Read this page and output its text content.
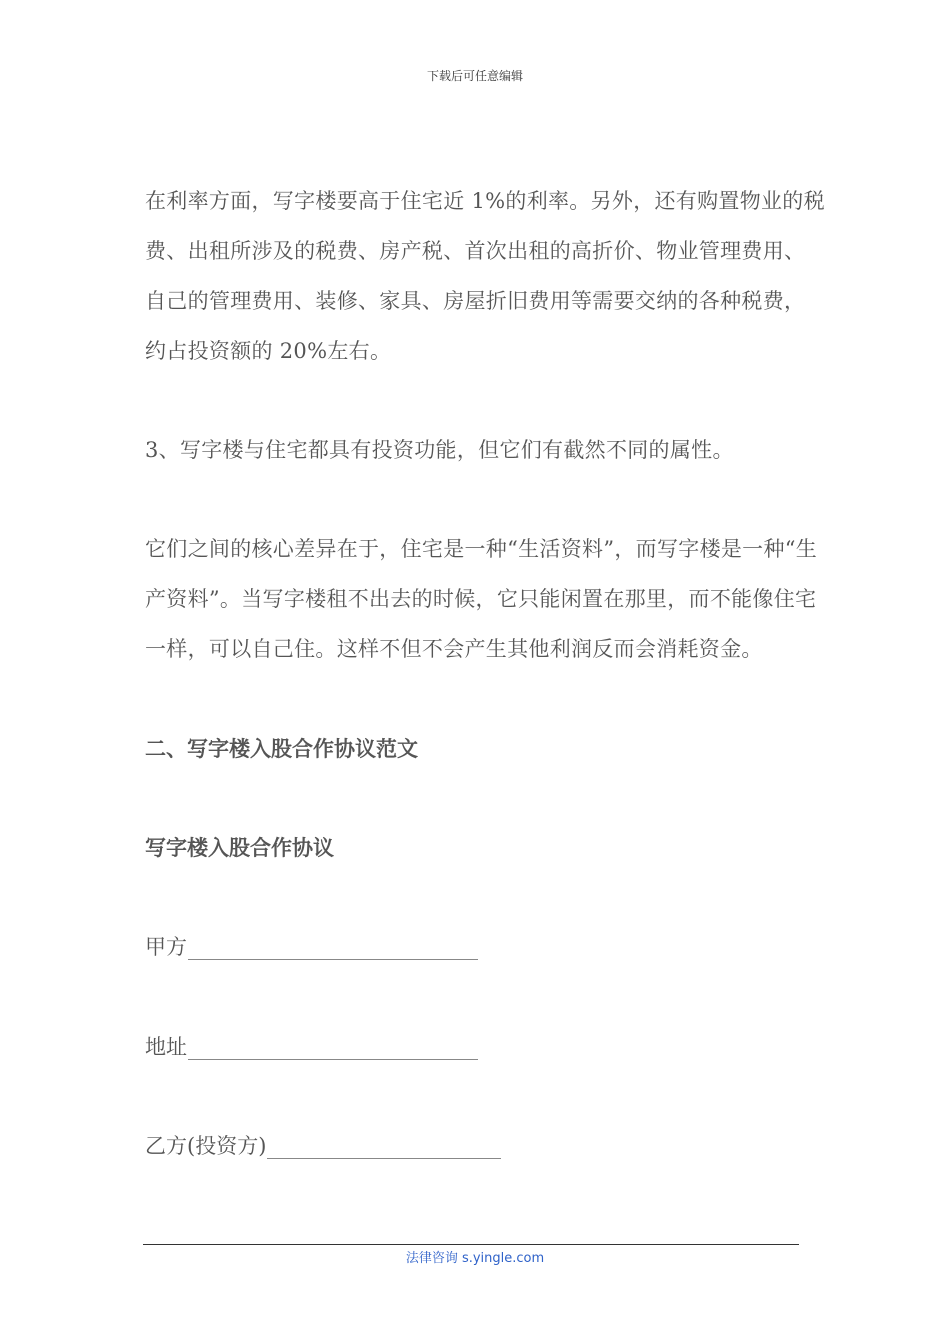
下载后可任意编辑

在利率方面，写字楼要高于住宅近 1%的利率。另外，还有购置物业的税费、出租所涉及的税费、房产税、首次出租的高折价、物业管理费用、自己的管理费用、装修、家具、房屋折旧费用等需要交纳的各种税费，约占投资额的 20%左右。

3、写字楼与住宅都具有投资功能，但它们有截然不同的属性。

它们之间的核心差异在于，住宅是一种“生活资料”，而写字楼是一种“生产资料”。当写字楼租不出去的时候，它只能闲置在那里，而不能像住宅一样，可以自己住。这样不但不会产生其他利润反而会消耗资金。

二、写字楼入股合作协议范文
写字楼入股合作协议
甲方
地址
乙方(投资方)
法律咨询 s.yingle.com
